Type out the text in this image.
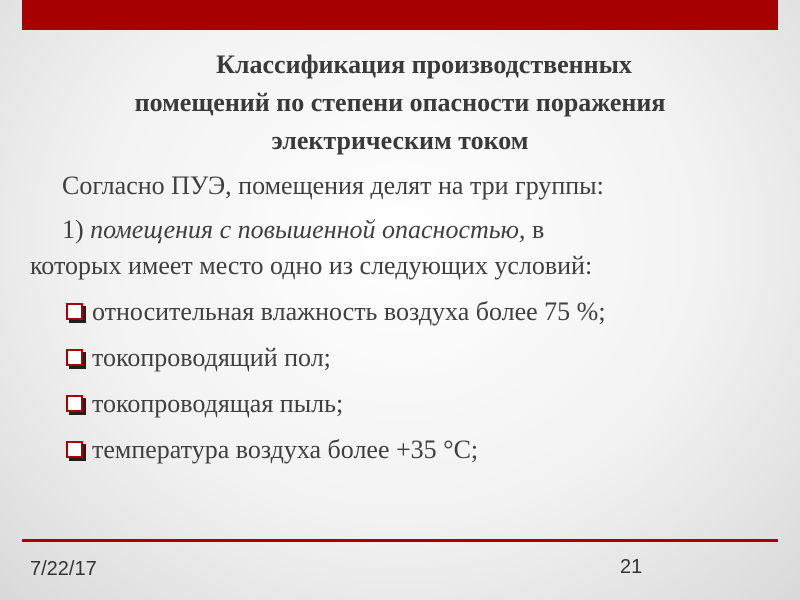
Классификация производственных
помещений по степени опасности поражения
электрическим током

Согласно ПУЭ, помещения делят на три группы:

1) помещения с повышенной опасностью, в

которых имеет место одно из следующих условий:

относительная влажность воздуха более 75 %;
токопроводящий пол;
токопроводящая пыль;
температура воздуха более +35 °С;
7/22/17	21
